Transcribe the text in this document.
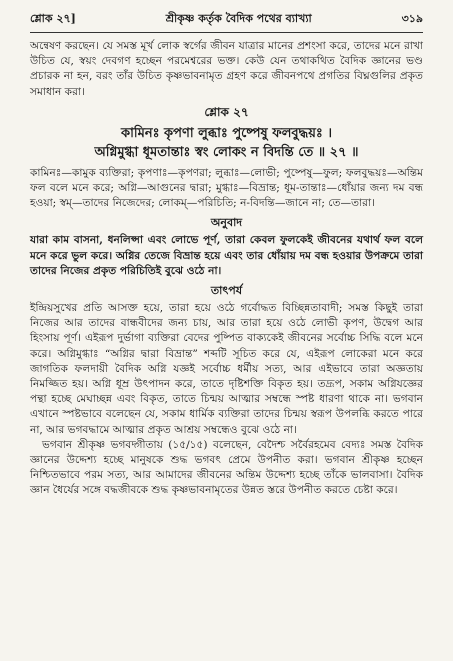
শ্লোক ২৭]	শ্রীকৃষ্ণ কর্তৃক বৈদিক পথের ব্যাখ্যা	৩১৯

অন্বেষণ করছেন। যে সমস্ত মূর্খ লোক স্বর্গের জীবন যাত্রার মানের প্রশংসা করে, তাদের মনে রাখা উচিত যে, স্বয়ং দেবগণ হচ্ছেন পরমেশ্বরের ভক্ত। কেউ যেন তথাকথিত বৈদিক জ্ঞানের ভণ্ড প্রচারক না হন, বরং তাঁর উচিত কৃষ্ণভাবনামৃত গ্রহণ করে জীবনপথে প্রগতির বিঘ্নগুলির প্রকৃত সমাধান করা।

শ্লোক ২৭

কামিনঃ কৃপণা লুব্ধাঃ পুষ্পেষু ফলবুদ্ধয়ঃ ।

অগ্নিমুগ্ধা ধূমতান্তাঃ স্বং লোকং ন বিদন্তি তে ॥ ২৭ ॥

কামিনঃ—কামুক ব্যক্তিরা; কৃপণাঃ—কৃপণরা; লুব্ধাঃ—লোভী; পুষ্পেষু—ফুল; ফলবুদ্ধয়ঃ—অন্তিম ফল বলে মনে করে; অগ্নি—আগুনের দ্বারা; মুগ্ধাঃ—বিভ্রান্ত; ধূম-তান্তাঃ—ধোঁয়ার জন্য দম বন্ধ হওয়া; স্বম্—তাদের নিজেদের; লোকম্—পরিচিতি; ন-বিদন্তি—জানে না; তে—তারা।

অনুবাদ

যারা কাম বাসনা, ধনলিপ্সা এবং লোভে পূর্ণ, তারা কেবল ফুলকেই জীবনের যথার্থ ফল বলে মনে করে ভুল করে। অগ্নির তেজে বিভ্রান্ত হয়ে এবং তার ধোঁয়ায় দম বন্ধ হওয়ার উপক্রমে তারা তাদের নিজের প্রকৃত পরিচিতিই বুঝে ওঠে না।

তাৎপর্য

ইন্দ্রিয়সুখের প্রতি আসক্ত হয়ে, তারা হয়ে ওঠে গর্বোদ্ধত বিচ্ছিন্নতাবাদী; সমস্ত কিছুই তারা নিজের আর তাদের বান্ধবীদের জন্য চায়, আর তারা হয়ে ওঠে লোভী কৃপণ, উদ্বেগ আর হিংসায় পূর্ণ। এইরূপ দুর্ভাগা ব্যক্তিরা বেদের পুষ্পিত বাক্যকেই জীবনের সর্বোচ্চ সিদ্ধি বলে মনে করে। অগ্নিমুগ্ধাঃ “অগ্নির দ্বারা বিভ্রান্ত” শব্দটি সূচিত করে যে, এইরূপ লোকেরা মনে করে জাগতিক ফলদায়ী বৈদিক অগ্নি যজ্ঞই সর্বোচ্চ ধর্মীয় সত্য, আর এইভাবে তারা অজ্ঞতায় নিমজ্জিত হয়। অগ্নি ধূম্র উৎপাদন করে, তাতে দৃষ্টিশক্তি বিকৃত হয়। তদ্রূপ, সকাম অগ্নিযজ্ঞের পন্থা হচ্ছে মেঘাচ্ছন্ন এবং বিকৃত, তাতে চিন্ময় আত্মার সম্বন্ধে স্পষ্ট ধারণা থাকে না। ভগবান এখানে স্পষ্টভাবে বলেছেন যে, সকাম ধার্মিক ব্যক্তিরা তাদের চিন্ময় স্বরূপ উপলব্ধি করতে পারে না, আর ভগবদ্ধামে আত্মার প্রকৃত আশ্রয় সম্বন্ধেও বুঝে ওঠে না।

ভগবান শ্রীকৃষ্ণ ভগবদ্গীতায় (১৫/১৫) বলেছেন, বেদৈশ্চ সর্বৈরহমেব বেদ্যঃ সমস্ত বৈদিক জ্ঞানের উদ্দেশ্য হচ্ছে মানুষকে শুদ্ধ ভগবৎ প্রেমে উপনীত করা। ভগবান শ্রীকৃষ্ণ হচ্ছেন নিশ্চিতভাবে পরম সত্য, আর আমাদের জীবনের অন্তিম উদ্দেশ্য হচ্ছে তাঁকে ভালবাসা। বৈদিক জ্ঞান ধৈর্যের সঙ্গে বদ্ধজীবকে শুদ্ধ কৃষ্ণভাবনামৃতের উন্নত স্তরে উপনীত করতে চেষ্টা করে।
